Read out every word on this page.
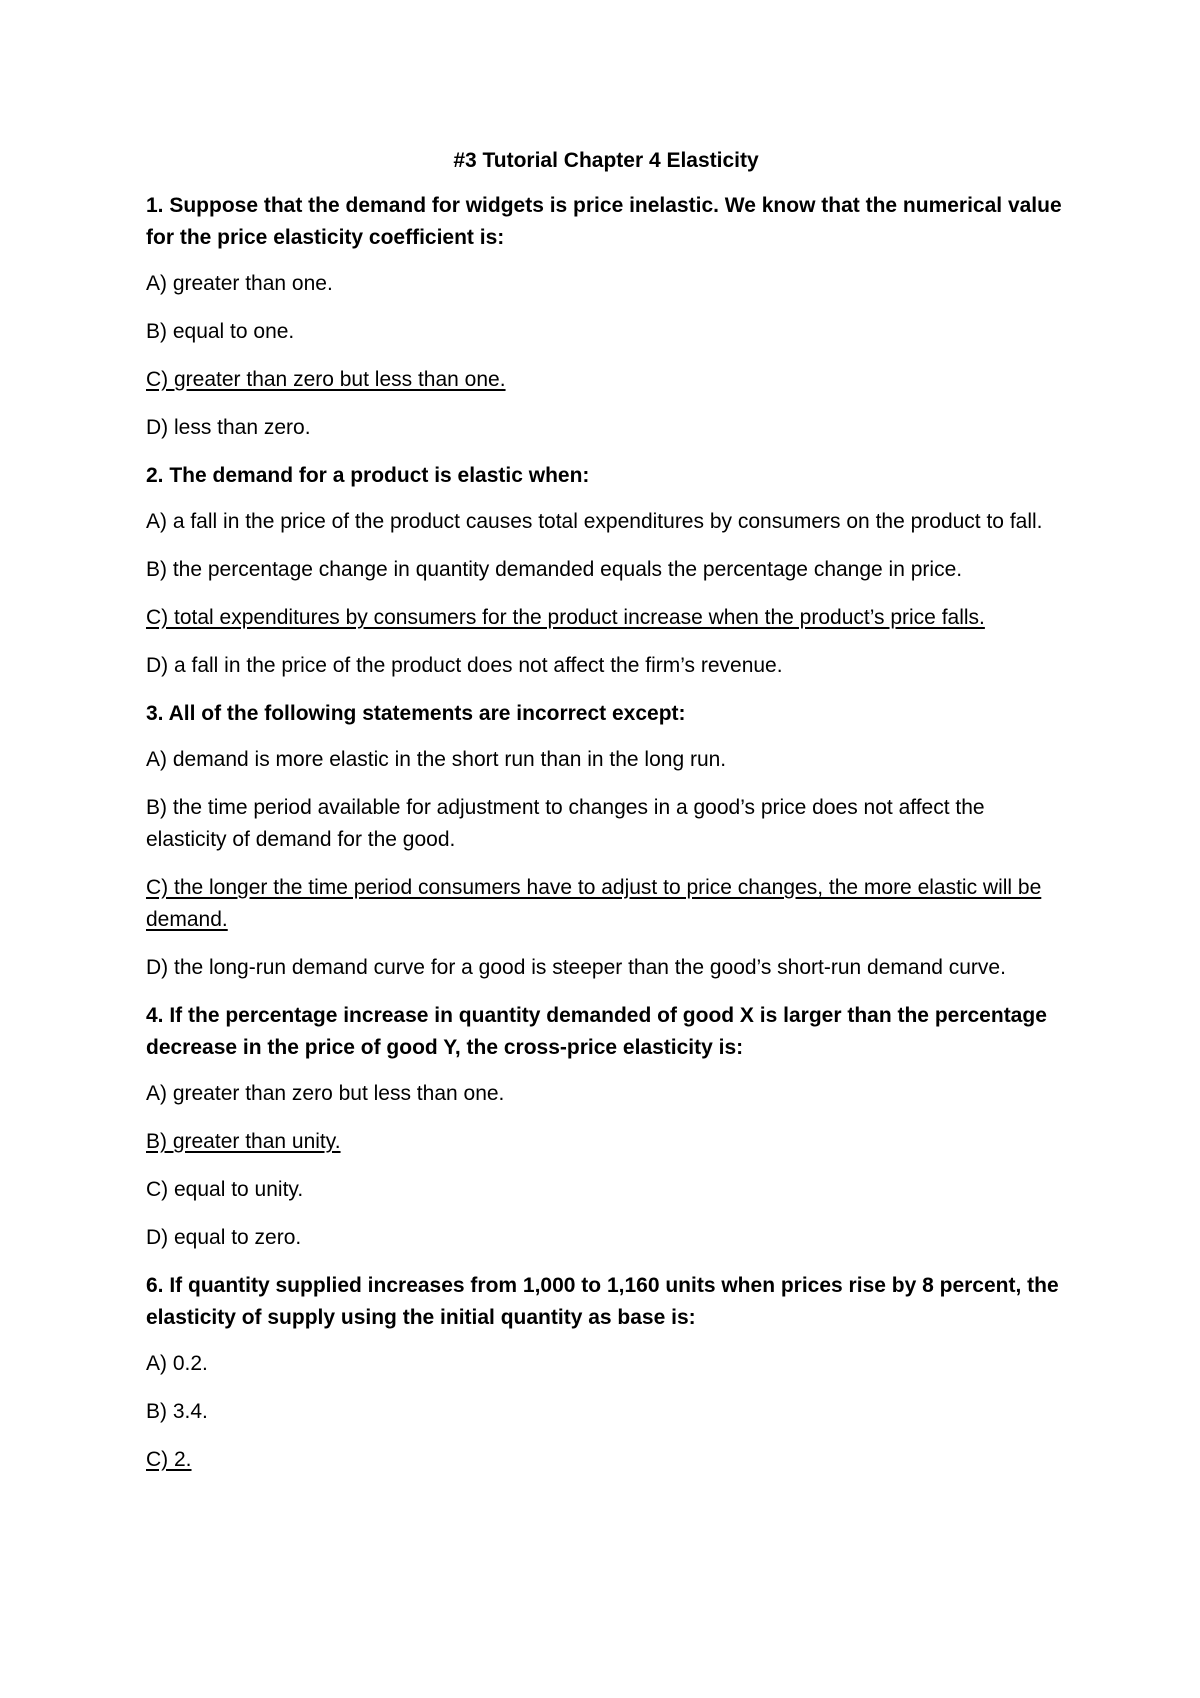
#3 Tutorial Chapter 4 Elasticity
1. Suppose that the demand for widgets is price inelastic. We know that the numerical value for the price elasticity coefficient is:
A) greater than one.
B) equal to one.
C) greater than zero but less than one.
D) less than zero.
2. The demand for a product is elastic when:
A) a fall in the price of the product causes total expenditures by consumers on the product to fall.
B) the percentage change in quantity demanded equals the percentage change in price.
C) total expenditures by consumers for the product increase when the product’s price falls.
D) a fall in the price of the product does not affect the firm’s revenue.
3. All of the following statements are incorrect except:
A) demand is more elastic in the short run than in the long run.
B) the time period available for adjustment to changes in a good’s price does not affect the elasticity of demand for the good.
C) the longer the time period consumers have to adjust to price changes, the more elastic will be demand.
D) the long-run demand curve for a good is steeper than the good’s short-run demand curve.
4. If the percentage increase in quantity demanded of good X is larger than the percentage decrease in the price of good Y, the cross-price elasticity is:
A) greater than zero but less than one.
B) greater than unity.
C) equal to unity.
D) equal to zero.
6. If quantity supplied increases from 1,000 to 1,160 units when prices rise by 8 percent, the elasticity of supply using the initial quantity as base is:
A) 0.2.
B) 3.4.
C) 2.
